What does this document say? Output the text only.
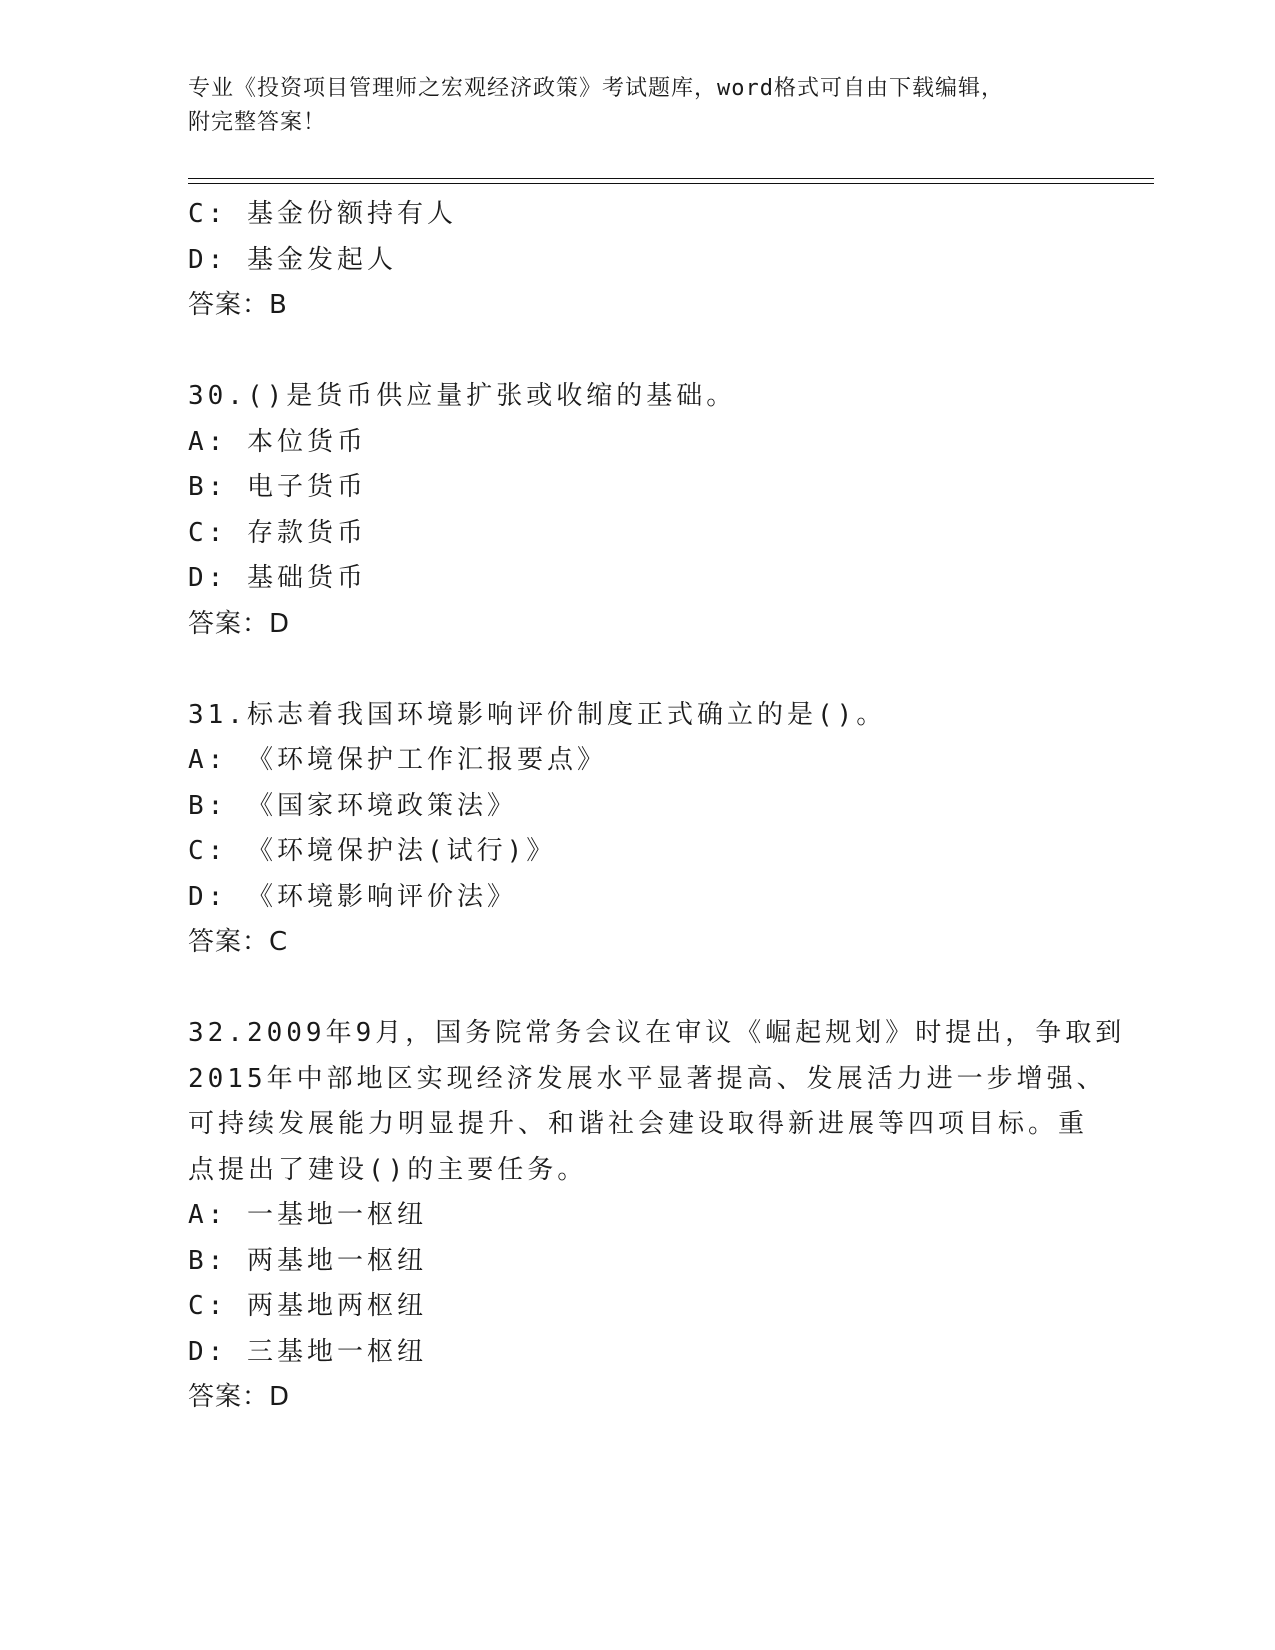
专业《投资项目管理师之宏观经济政策》考试题库，word格式可自由下载编辑，
附完整答案！
C: 基金份额持有人
D: 基金发起人
答案：B
30.()是货币供应量扩张或收缩的基础。
A: 本位货币
B: 电子货币
C: 存款货币
D: 基础货币
答案：D
31.标志着我国环境影响评价制度正式确立的是()。
A: 《环境保护工作汇报要点》
B: 《国家环境政策法》
C: 《环境保护法(试行)》
D: 《环境影响评价法》
答案：C
32.2009年9月，国务院常务会议在审议《崛起规划》时提出，争取到
2015年中部地区实现经济发展水平显著提高、发展活力进一步增强、
可持续发展能力明显提升、和谐社会建设取得新进展等四项目标。重
点提出了建设()的主要任务。
A: 一基地一枢纽
B: 两基地一枢纽
C: 两基地两枢纽
D: 三基地一枢纽
答案：D
